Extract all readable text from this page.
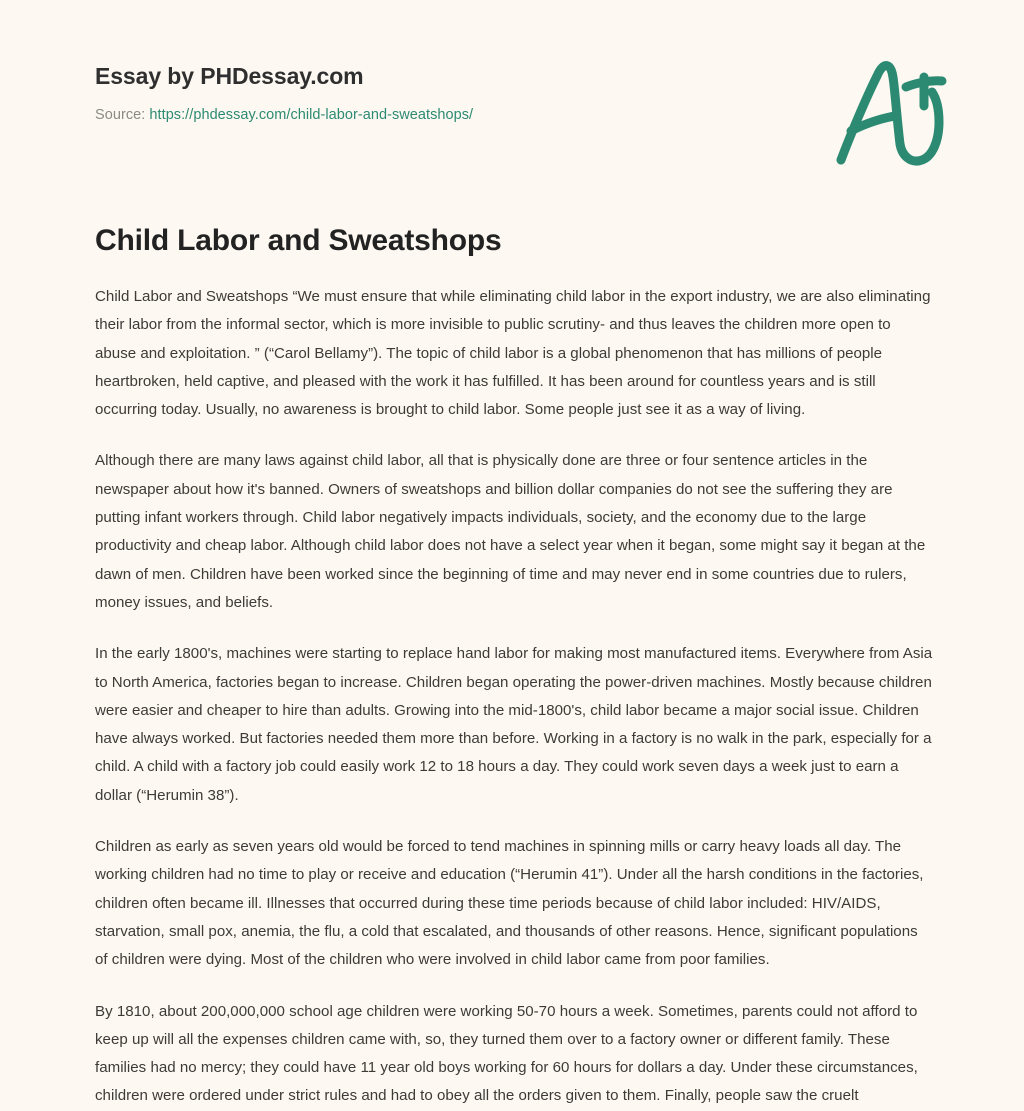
Essay by PHDessay.com
Source: https://phdessay.com/child-labor-and-sweatshops/
Child Labor and Sweatshops

Child Labor and Sweatshops “We must ensure that while eliminating child labor in the export industry, we are also eliminating their labor from the informal sector, which is more invisible to public scrutiny- and thus leaves the children more open to abuse and exploitation. ” (“Carol Bellamy”). The topic of child labor is a global phenomenon that has millions of people heartbroken, held captive, and pleased with the work it has fulfilled. It has been around for countless years and is still occurring today. Usually, no awareness is brought to child labor. Some people just see it as a way of living.

Although there are many laws against child labor, all that is physically done are three or four sentence articles in the newspaper about how it's banned. Owners of sweatshops and billion dollar companies do not see the suffering they are putting infant workers through. Child labor negatively impacts individuals, society, and the economy due to the large productivity and cheap labor. Although child labor does not have a select year when it began, some might say it began at the dawn of men. Children have been worked since the beginning of time and may never end in some countries due to rulers, money issues, and beliefs.

In the early 1800's, machines were starting to replace hand labor for making most manufactured items. Everywhere from Asia to North America, factories began to increase. Children began operating the power-driven machines. Mostly because children were easier and cheaper to hire than adults. Growing into the mid-1800's, child labor became a major social issue. Children have always worked. But factories needed them more than before. Working in a factory is no walk in the park, especially for a child. A child with a factory job could easily work 12 to 18 hours a day. They could work seven days a week just to earn a dollar (“Herumin 38”).

Children as early as seven years old would be forced to tend machines in spinning mills or carry heavy loads all day. The working children had no time to play or receive and education (“Herumin 41”). Under all the harsh conditions in the factories, children often became ill. Illnesses that occurred during these time periods because of child labor included: HIV/AIDS, starvation, small pox, anemia, the flu, a cold that escalated, and thousands of other reasons. Hence, significant populations of children were dying. Most of the children who were involved in child labor came from poor families.

By 1810, about 200,000,000 school age children were working 50-70 hours a week. Sometimes, parents could not afford to keep up will all the expenses children came with, so, they turned them over to a factory owner or different family. These families had no mercy; they could have 11 year old boys working for 60 hours for dollars a day. Under these circumstances, children were ordered under strict rules and had to obey all the orders given to them. Finally, people saw the cruelt
